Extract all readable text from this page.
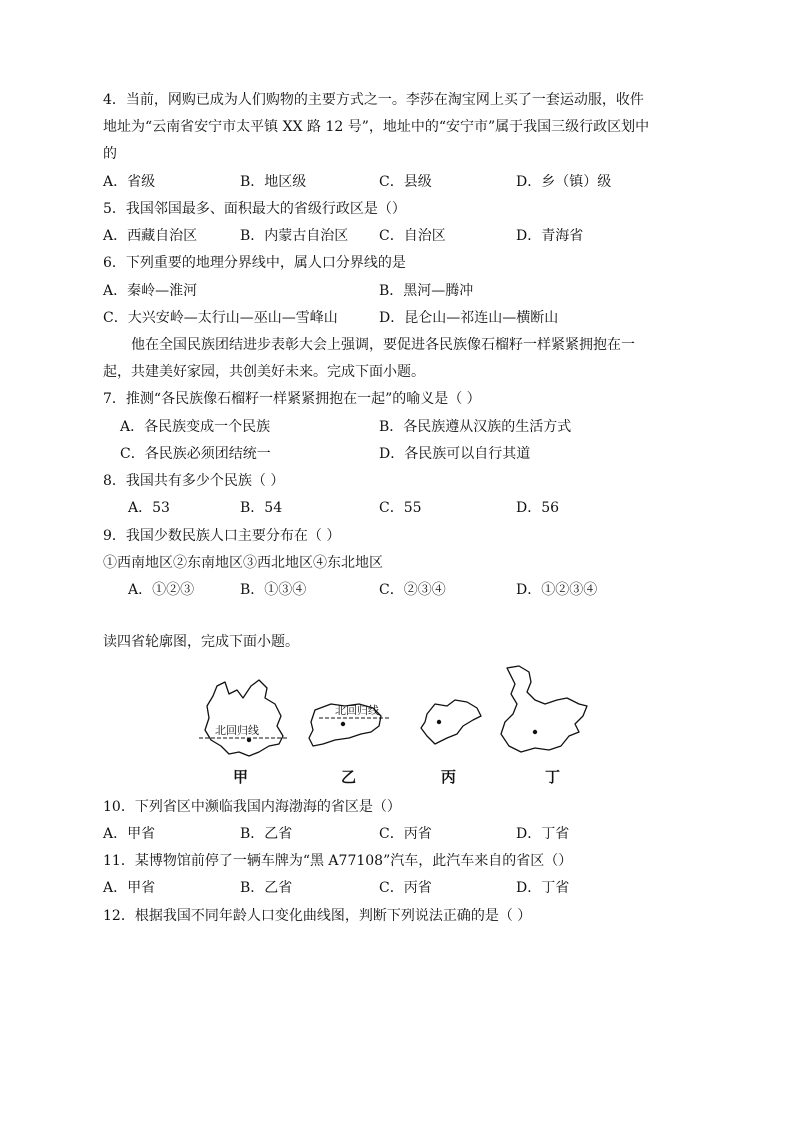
4．当前，网购已成为人们购物的主要方式之一。李莎在淘宝网上买了一套运动服，收件
地址为“云南省安宁市太平镇 XX 路 12 号”，地址中的“安宁市”属于我国三级行政区划中
的
A．省级	B．地区级	C．县级	D．乡（镇）级
5．我国邻国最多、面积最大的省级行政区是（）
A．西藏自治区	B．内蒙古自治区 C．自治区	D．青海省
6．下列重要的地理分界线中，属人口分界线的是
A．秦岭—淮河	B．黑河—腾冲
C．大兴安岭—太行山—巫山—雪峰山	D．昆仑山—祁连山—横断山
他在全国民族团结进步表彰大会上强调，要促进各民族像石榴籽一样紧紧拥抱在一
起，共建美好家园，共创美好未来。完成下面小题。
7．推测“各民族像石榴籽一样紧紧拥抱在一起”的喻义是（ ）
A．各民族变成一个民族	B．各民族遵从汉族的生活方式
C．各民族必须团结统一	D．各民族可以自行其道
8．我国共有多少个民族（ ）
A．53	B．54	C．55	D．56
9．我国少数民族人口主要分布在（ ）
①西南地区②东南地区③西北地区④东北地区
A．①②③	B．①③④	C．②③④	D．①②③④
读四省轮廓图，完成下面小题。
北回归线
北回归线
甲	乙	丙	丁
10．下列省区中濒临我国内海渤海的省区是（）
A．甲省	B．乙省	C．丙省	D．丁省
11．某博物馆前停了一辆车牌为“黑 A77108”汽车，此汽车来自的省区（）
A．甲省	B．乙省	C．丙省	D．丁省
12．根据我国不同年龄人口变化曲线图，判断下列说法正确的是（ ）
